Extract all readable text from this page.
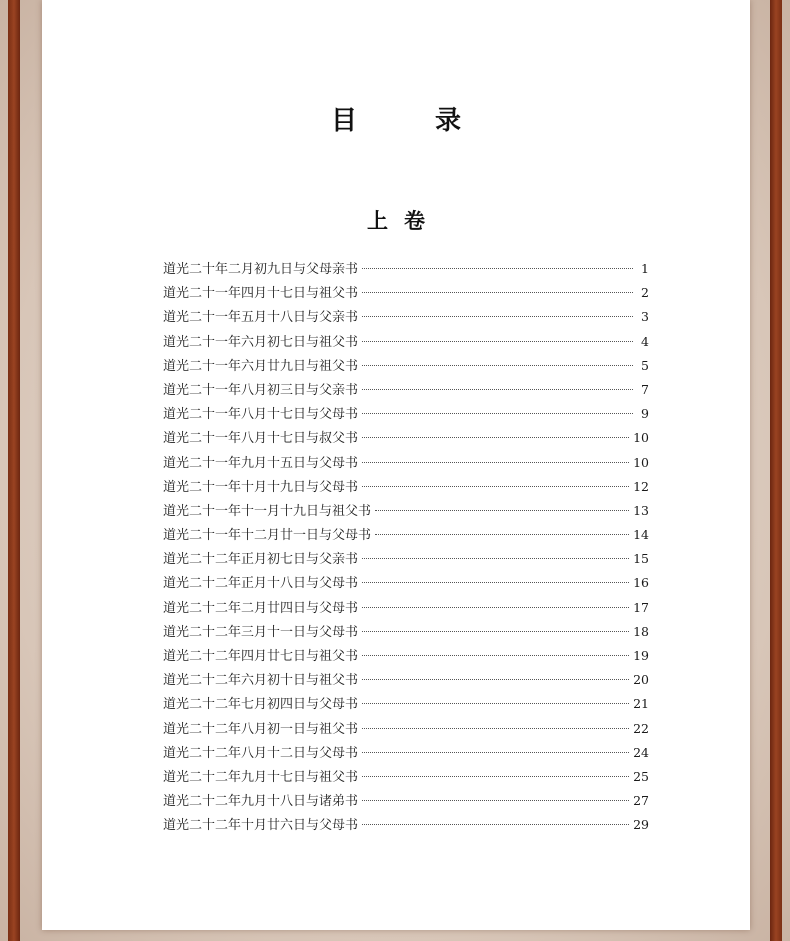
目　录
上卷
道光二十年二月初九日与父母亲书	1
道光二十一年四月十七日与祖父书	2
道光二十一年五月十八日与父亲书	3
道光二十一年六月初七日与祖父书	4
道光二十一年六月廿九日与祖父书	5
道光二十一年八月初三日与父亲书	7
道光二十一年八月十七日与父母书	9
道光二十一年八月十七日与叔父书	10
道光二十一年九月十五日与父母书	10
道光二十一年十月十九日与父母书	12
道光二十一年十一月十九日与祖父书	13
道光二十一年十二月廿一日与父母书	14
道光二十二年正月初七日与父亲书	15
道光二十二年正月十八日与父母书	16
道光二十二年二月廿四日与父母书	17
道光二十二年三月十一日与父母书	18
道光二十二年四月廿七日与祖父书	19
道光二十二年六月初十日与祖父书	20
道光二十二年七月初四日与父母书	21
道光二十二年八月初一日与祖父书	22
道光二十二年八月十二日与父母书	24
道光二十二年九月十七日与祖父书	25
道光二十二年九月十八日与诸弟书	27
道光二十二年十月廿六日与父母书	29
